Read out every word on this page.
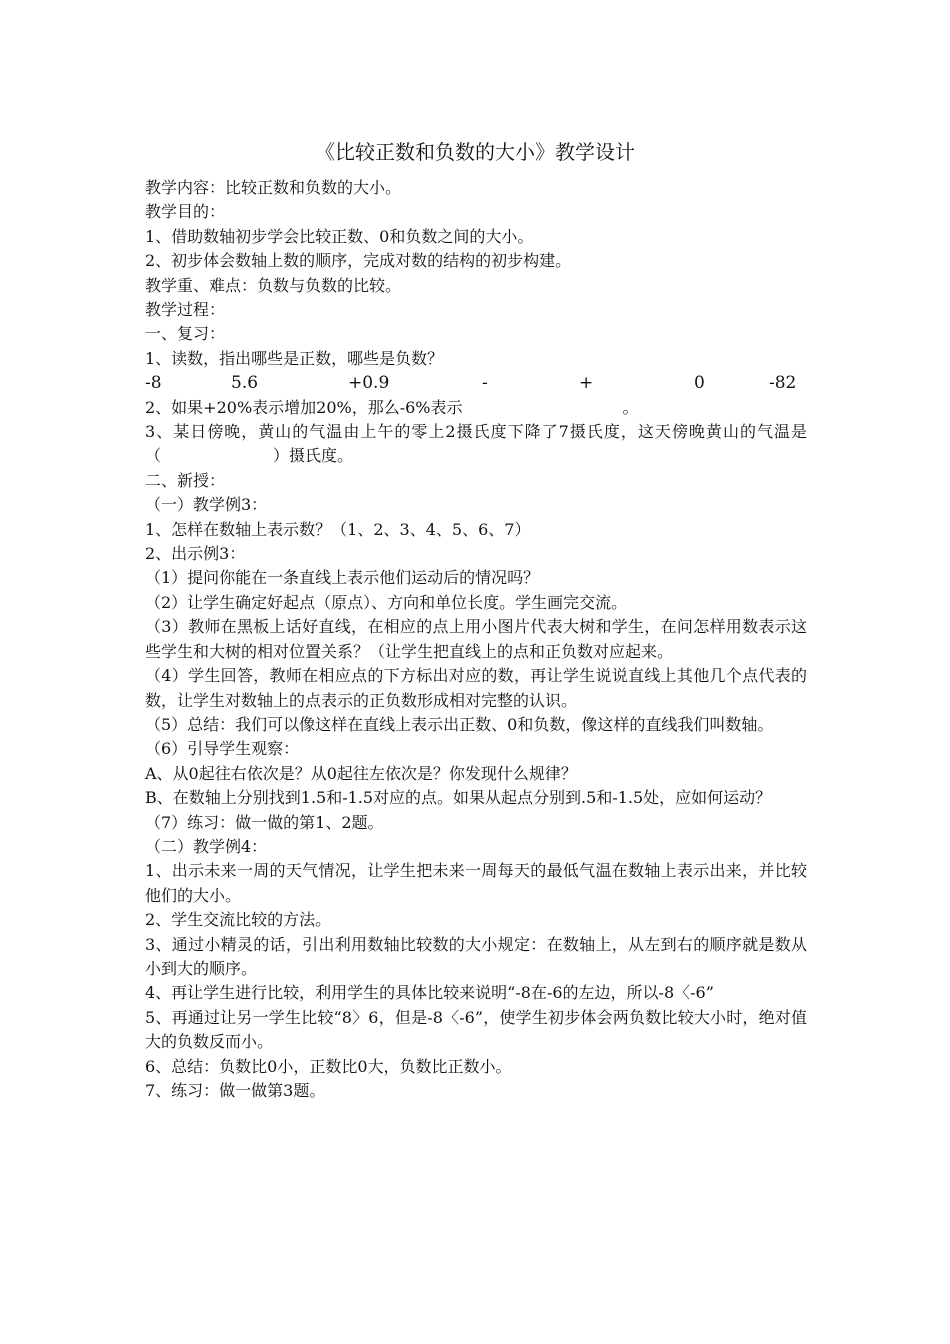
《比较正数和负数的大小》教学设计

教学内容：比较正数和负数的大小。

教学目的：

1、借助数轴初步学会比较正数、0和负数之间的大小。

2、初步体会数轴上数的顺序，完成对数的结构的初步构建。

教学重、难点：负数与负数的比较。

教学过程：

一、复习：

1、读数，指出哪些是正数，哪些是负数？

-8	5.6	+0.9	-	+	0	-82

2、如果+20%表示增加20%，那么-6%表示　　　　　　　　　　。

3、某日傍晚，黄山的气温由上午的零上2摄氏度下降了7摄氏度，这天傍晚黄山的气温是（　　　　　　　）摄氏度。

二、新授：

（一）教学例3：

1、怎样在数轴上表示数？（1、2、3、4、5、6、7）

2、出示例3：

（1）提问你能在一条直线上表示他们运动后的情况吗？

（2）让学生确定好起点（原点）、方向和单位长度。学生画完交流。

（3）教师在黑板上话好直线，在相应的点上用小图片代表大树和学生，在问怎样用数表示这些学生和大树的相对位置关系？（让学生把直线上的点和正负数对应起来。

（4）学生回答，教师在相应点的下方标出对应的数，再让学生说说直线上其他几个点代表的数，让学生对数轴上的点表示的正负数形成相对完整的认识。

（5）总结：我们可以像这样在直线上表示出正数、0和负数，像这样的直线我们叫数轴。

（6）引导学生观察：

A、从0起往右依次是？从0起往左依次是？你发现什么规律？

B、在数轴上分别找到1.5和-1.5对应的点。如果从起点分别到.5和-1.5处，应如何运动？

（7）练习：做一做的第1、2题。

（二）教学例4：

1、出示未来一周的天气情况，让学生把未来一周每天的最低气温在数轴上表示出来，并比较他们的大小。

2、学生交流比较的方法。

3、通过小精灵的话，引出利用数轴比较数的大小规定：在数轴上，从左到右的顺序就是数从小到大的顺序。

4、再让学生进行比较，利用学生的具体比较来说明“-8在-6的左边，所以-8〈-6”

5、再通过让另一学生比较“8〉6，但是-8〈-6”，使学生初步体会两负数比较大小时，绝对值大的负数反而小。

6、总结：负数比0小，正数比0大，负数比正数小。

7、练习：做一做第3题。
